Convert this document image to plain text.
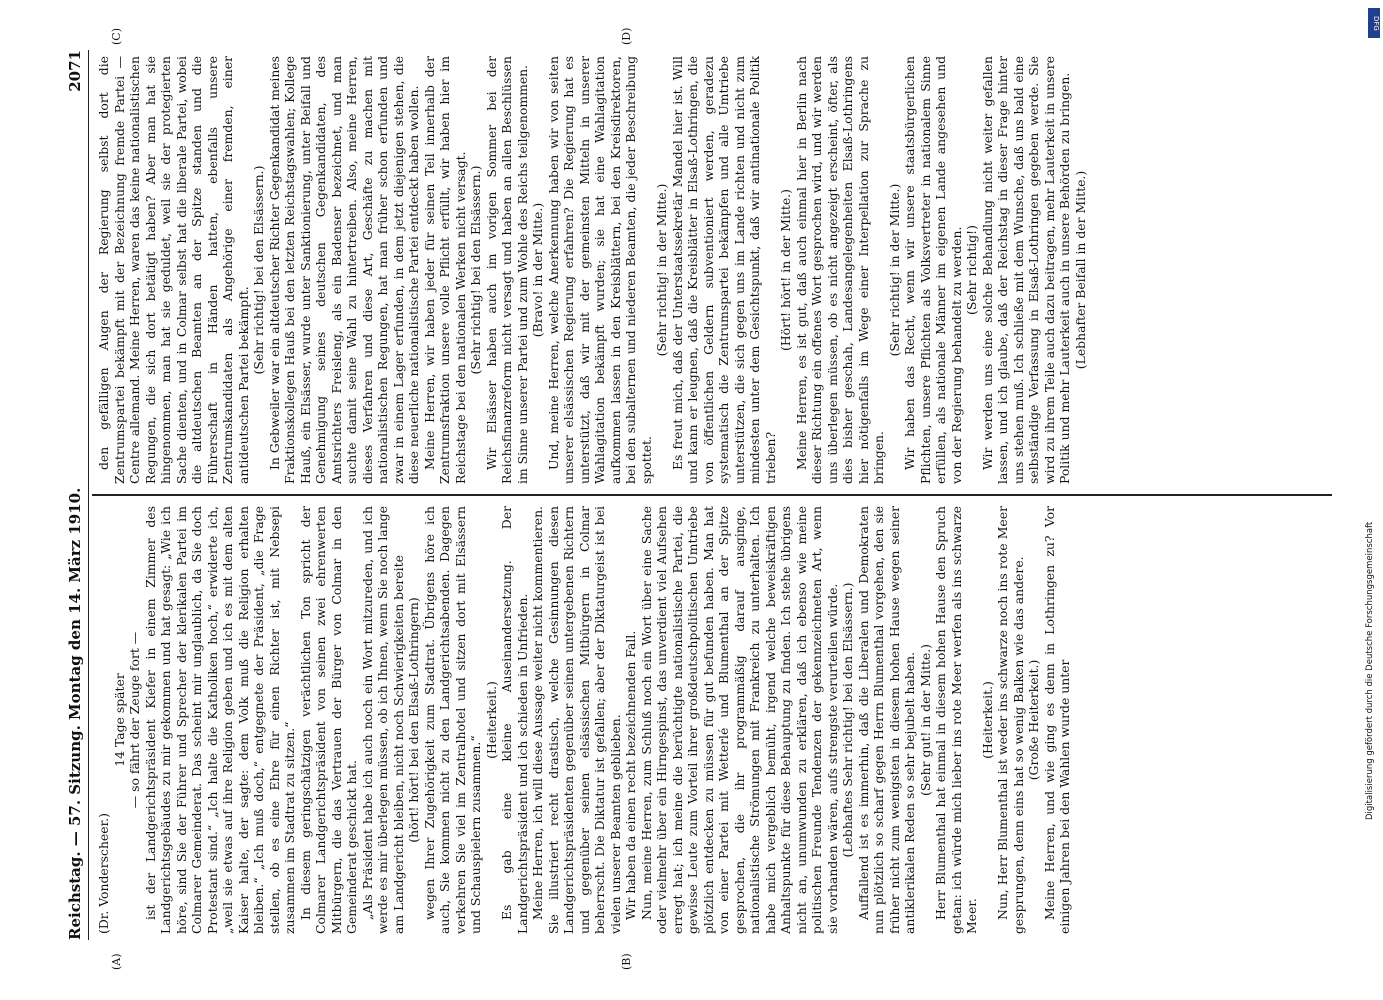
Reichstag. — 57. Sitzung. Montag den 14. März 1910.
2071
(A)	(B)
(C)	(D)

(Dr. Vonderscheer.)

14 Tage später — so fährt der Zeuge fort — ist der Landgerichtspräsident Kiefer in einem Zimmer des Landgerichtsgebäudes zu mir gekommen und hat gesagt: „Wie ich höre, sind Sie der Führer und Sprecher der klerikalen Partei im Colmarer Gemeinderat. Das scheint mir unglaublich, da Sie doch Protestant sind.“ „Ich halte die Katholiken hoch,“ erwiderte ich, „weil sie etwas auf ihre Religion geben und ich es mit dem alten Kaiser halte, der sagte: dem Volk muß die Religion erhalten bleiben.“ „Ich muß doch,“ entgegnete der Präsident, „die Frage stellen, ob es eine Ehre für einen Richter ist, mit Nebsepi zusammen im Stadtrat zu sitzen.“ In diesem geringschätzigen verächtlichen Ton spricht der Colmarer Landgerichtspräsident von seinen zwei ehrenwerten Mitbürgern, die das Vertrauen der Bürger von Colmar in den Gemeinderat geschickt hat. „Als Präsident habe ich auch noch ein Wort mitzureden, und ich werde es mir überlegen müssen, ob ich Ihnen, wenn Sie noch lange am Landgericht bleiben, nicht noch Schwierigkeiten bereite (hört! hört! bei den Elsaß-Lothringern) wegen Ihrer Zugehörigkeit zum Stadtrat. Übrigens höre ich auch, Sie kommen nicht zu den Landgerichtsabenden. Dagegen verkehren Sie viel im Zentralhotel und sitzen dort mit Elsässern und Schauspielern zusammen.“

(Heiterkeit.) Es gab eine kleine Auseinandersetzung. Der Landgerichtspräsident und ich schieden in Unfrieden. Meine Herren, ich will diese Aussage weiter nicht kommentieren. Sie illustriert recht drastisch, welche Gesinnungen diesen Landgerichtspräsidenten gegenüber seinen untergebenen Richtern und gegenüber seinen elsässischen Mitbürgern in Colmar beherrscht. Die Diktatur ist gefallen; aber der Diktaturgeist ist bei vielen unserer Beamten geblieben. Wir haben da einen recht bezeichnenden Fall. Nun, meine Herren, zum Schluß noch ein Wort über eine Sache oder vielmehr über ein Hirngespinst, das unverdient viel Aufsehen erregt hat; ich meine die berüchtigte nationalistische Partei, die gewisse Leute zum Vorteil ihrer großdeutschpolitischen Umtriebe plötzlich entdecken zu müssen für gut befunden haben. Man hat von einer Partei mit Wetterlé und Blumenthal an der Spitze gesprochen, die ihr programmäßig darauf ausginge, nationalistische Strömungen mit Frankreich zu unterhalten. Ich habe mich vergeblich bemüht, irgend welche beweiskräftigen Anhaltspunkte für diese Behauptung zu finden. Ich stehe übrigens nicht an, unumwunden zu erklären, daß ich ebenso wie meine politischen Freunde Tendenzen der gekennzeichneten Art, wenn sie vorhanden wären, aufs strengste verurteilen würde. (Lebhaftes Sehr richtig! bei den Elsässern.) Auffallend ist es immerhin, daß die Liberalen und Demokraten nun plötzlich so scharf gegen Herrn Blumenthal vorgehen, den sie früher nicht zum wenigsten in diesem hohen Hause wegen seiner antiklerikalen Reden so sehr bejubelt haben. (Sehr gut! in der Mitte.) Herr Blumenthal hat einmal in diesem hohen Hause den Spruch getan: ich würde mich lieber ins rote Meer werfen als ins schwarze Meer.

(Heiterkeit.) Nun, Herr Blumenthal ist weder ins schwarze noch ins rote Meer gesprungen, denn eins hat so wenig Balken wie das andere. (Große Heiterkeit.) Meine Herren, und wie ging es denn in Lothringen zu? Vor einigen Jahren bei den Wahlen wurde unter

den gefälligen Augen der Regierung selbst dort die Zentrumspartei bekämpft mit der Bezeichnung fremde Partei — Centre allemand. Meine Herren, waren das keine nationalistischen Regungen, die sich dort betätigt haben? Aber man hat sie hingenommen, man hat sie geduldet, weil sie der protegierten Sache dienten, und in Colmar selbst hat die liberale Partei, wobei die altdeutschen Beamten an der Spitze standen und die Führerschaft in Händen hatten, ebenfalls unsere Zentrumskandidaten als Angehörige einer fremden, einer antideutschen Partei bekämpft.

(Sehr richtig! bei den Elsässern.) In Gebweiler war ein altdeutscher Richter Gegenkandidat meines Fraktionskollegen Hauß bei den letzten Reichstagswahlen; Kollege Hauß, ein Elsässer, wurde unter Sanktionierung, unter Beifall und Genehmigung seines deutschen Gegenkandidaten, des Amtsrichters Freisleng, als ein Badenser bezeichnet, und man suchte damit seine Wahl zu hintertreiben. Also, meine Herren, dieses Verfahren und diese Art, Geschäfte zu machen mit nationalistischen Regungen, hat man früher schon erfunden und zwar in einem Lager erfunden, in dem jetzt diejenigen stehen, die diese neuerliche nationalistische Partei entdeckt haben wollen. Meine Herren, wir haben jeder für seinen Teil innerhalb der Zentrumsfraktion unsere volle Pflicht erfüllt, wir haben hier im Reichstage bei den nationalen Werken nicht versagt. (Sehr richtig! bei den Elsässern.) Wir Elsässer haben auch im vorigen Sommer bei der Reichsfinanzreform nicht versagt und haben an allen Beschlüssen im Sinne unserer Partei und zum Wohle des Reichs teilgenommen. (Bravo! in der Mitte.) Und, meine Herren, welche Anerkennung haben wir von seiten unserer elsässischen Regierung erfahren? Die Regierung hat es unterstützt, daß wir mit der gemeinsten Mitteln in unserer Wahlagitation bekämpft wurden; sie hat eine Wahlagitation aufkommen lassen in den Kreisblättern, bei den Kreisdirektoren, bei den subalternen und niederen Beamten, die jeder Beschreibung spottet.

(Sehr richtig! in der Mitte.) Es freut mich, daß der Unterstaatssekretär Mandel hier ist. Will und kann er leugnen, daß die Kreisblätter in Elsaß-Lothringen, die von öffentlichen Geldern subventioniert werden, geradezu systematisch die Zentrumspartei bekämpfen und alle Umtriebe unterstützen, die sich gegen uns im Lande richten und nicht zum mindesten unter dem Gesichtspunkt, daß wir antinationale Politik trieben?

(Hört! hört! in der Mitte.) Meine Herren, es ist gut, daß auch einmal hier in Berlin nach dieser Richtung ein offenes Wort gesprochen wird, und wir werden uns überlegen müssen, ob es nicht angezeigt erscheint, öfter, als dies bisher geschah, Landesangelegenheiten Elsaß-Lothringens hier nötigenfalls im Wege einer Interpellation zur Sprache zu bringen.

(Sehr richtig! in der Mitte.) Wir haben das Recht, wenn wir unsere staatsbürgerlichen Pflichten, unsere Pflichten als Volksvertreter in nationalem Sinne erfüllen, als nationale Männer im eigenen Lande angesehen und von der Regierung behandelt zu werden. (Sehr richtig!) Wir werden uns eine solche Behandlung nicht weiter gefallen lassen, und ich glaube, daß der Reichstag in dieser Frage hinter uns stehen muß. Ich schließe mit dem Wunsche, daß uns bald eine selbständige Verfassung in Elsaß-Lothringen gegeben werde. Sie wird zu ihrem Teile auch dazu beitragen, mehr Lauterkeit in unsere Politik und mehr Lauterkeit auch in unsere Behörden zu bringen. (Lebhafter Beifall in der Mitte.)

Digitalisierung gefördert durch die Deutsche Forschungsgemeinschaft
DFG
